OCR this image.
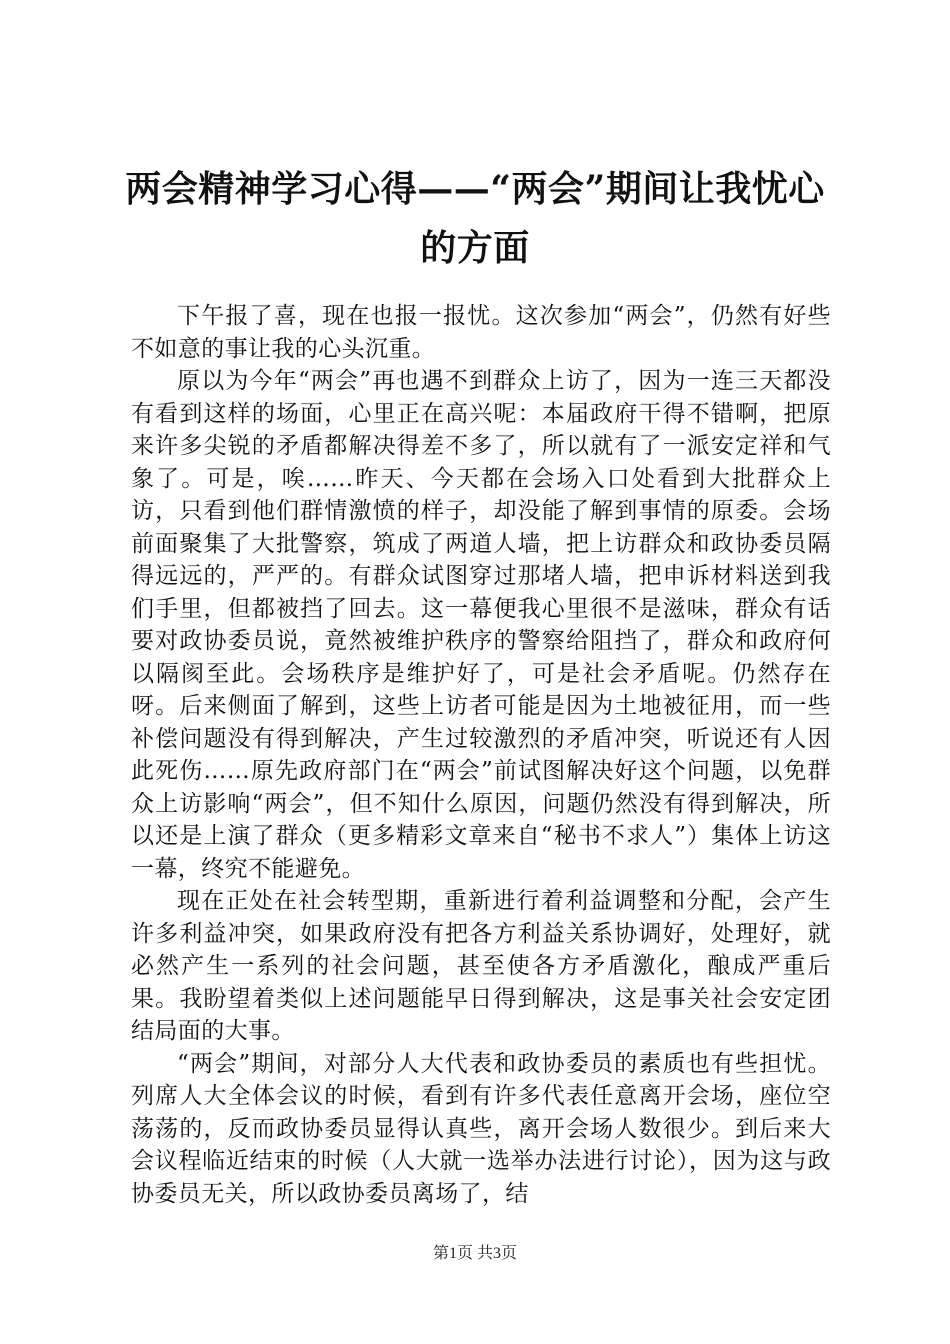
两会精神学习心得——“两会”期间让我忧心的方面

下午报了喜，现在也报一报忧。这次参加“两会”，仍然有好些不如意的事让我的心头沉重。

原以为今年“两会”再也遇不到群众上访了，因为一连三天都没有看到这样的场面，心里正在高兴呢：本届政府干得不错啊，把原来许多尖锐的矛盾都解决得差不多了，所以就有了一派安定祥和气象了。可是，唉……昨天、今天都在会场入口处看到大批群众上访，只看到他们群情激愤的样子，却没能了解到事情的原委。会场前面聚集了大批警察，筑成了两道人墙，把上访群众和政协委员隔得远远的，严严的。有群众试图穿过那堵人墙，把申诉材料送到我们手里，但都被挡了回去。这一幕便我心里很不是滋味，群众有话要对政协委员说，竟然被维护秩序的警察给阻挡了，群众和政府何以隔阂至此。会场秩序是维护好了，可是社会矛盾呢。仍然存在呀。后来侧面了解到，这些上访者可能是因为土地被征用，而一些补偿问题没有得到解决，产生过较激烈的矛盾冲突，听说还有人因此死伤……原先政府部门在“两会”前试图解决好这个问题，以免群众上访影响“两会”，但不知什么原因，问题仍然没有得到解决，所以还是上演了群众（更多精彩文章来自“秘书不求人”）集体上访这一幕，终究不能避免。

现在正处在社会转型期，重新进行着利益调整和分配，会产生许多利益冲突，如果政府没有把各方利益关系协调好，处理好，就必然产生一系列的社会问题，甚至使各方矛盾激化，酿成严重后果。我盼望着类似上述问题能早日得到解决，这是事关社会安定团结局面的大事。

“两会”期间，对部分人大代表和政协委员的素质也有些担忧。列席人大全体会议的时候，看到有许多代表任意离开会场，座位空荡荡的，反而政协委员显得认真些，离开会场人数很少。到后来大会议程临近结束的时候（人大就一选举办法进行讨论），因为这与政协委员无关，所以政协委员离场了，结

第1页 共3页
